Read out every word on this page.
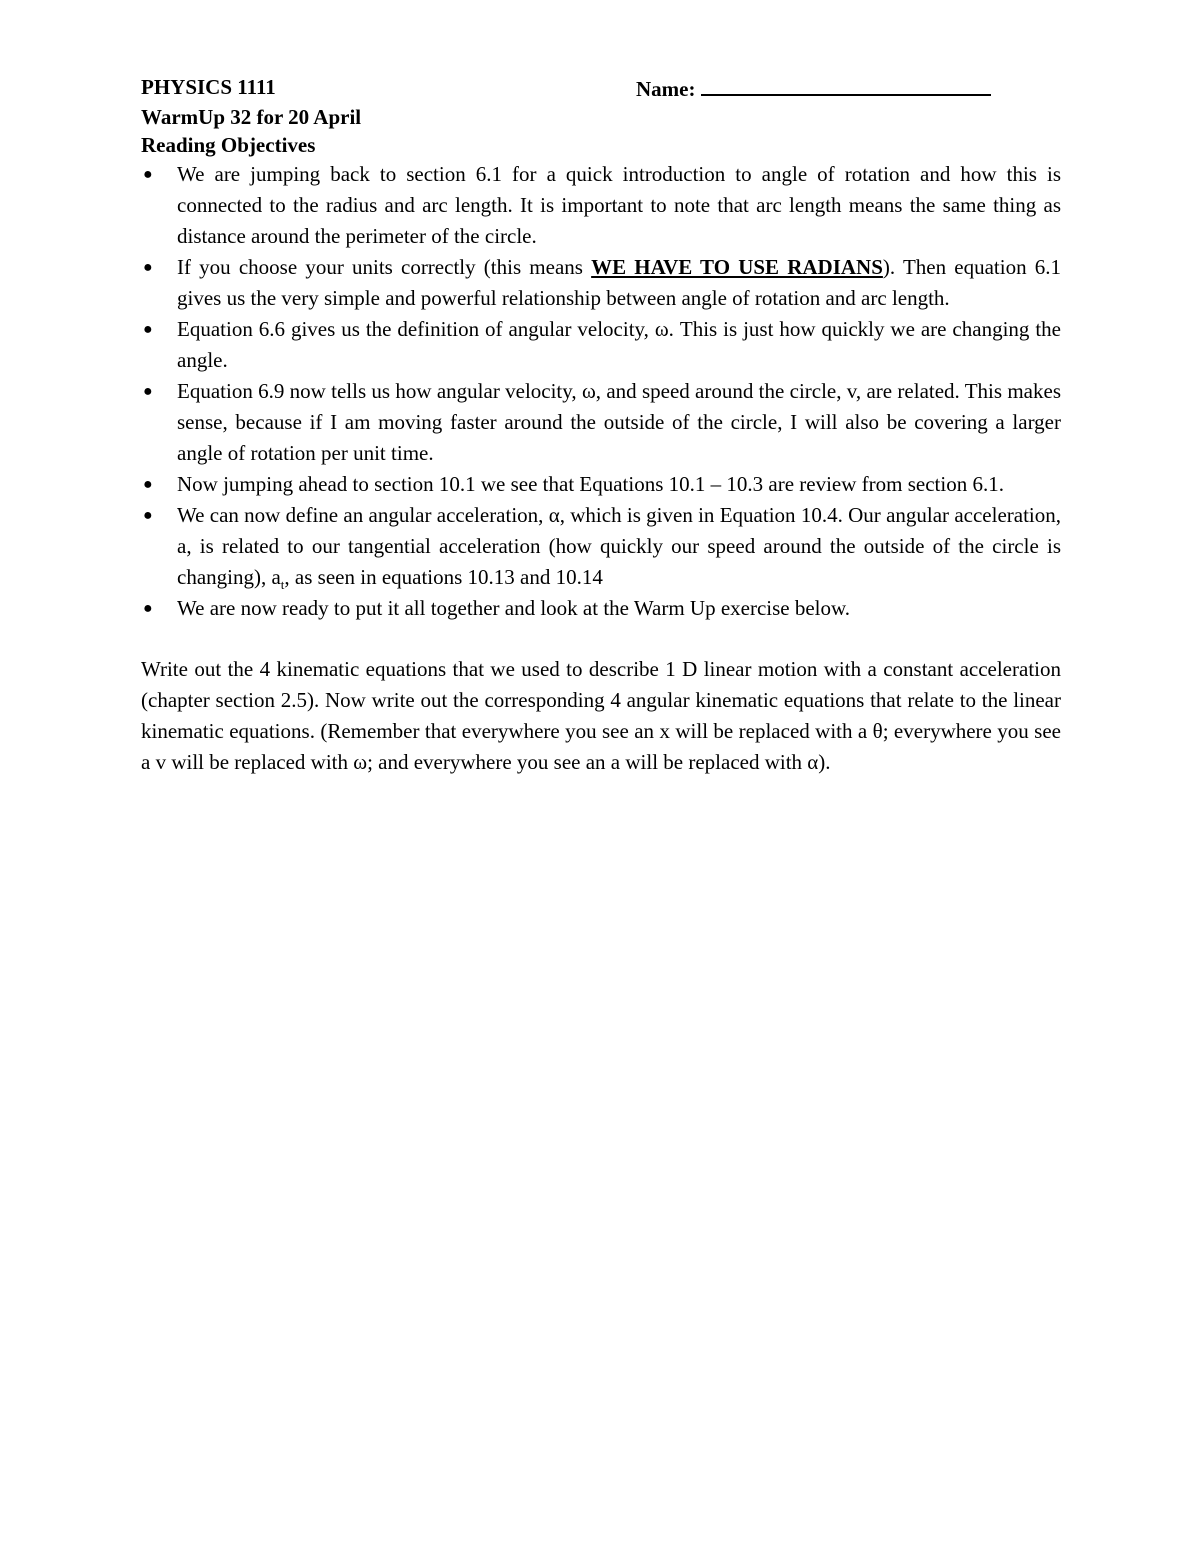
PHYSICS 1111	Name:
WarmUp 32 for 20 April
Reading Objectives
● We are jumping back to section 6.1 for a quick introduction to angle of rotation and how this is connected to the radius and arc length. It is important to note that arc length means the same thing as distance around the perimeter of the circle.
● If you choose your units correctly (this means WE HAVE TO USE RADIANS). Then equation 6.1 gives us the very simple and powerful relationship between angle of rotation and arc length.
● Equation 6.6 gives us the definition of angular velocity, ω. This is just how quickly we are changing the angle.
● Equation 6.9 now tells us how angular velocity, ω, and speed around the circle, v, are related. This makes sense, because if I am moving faster around the outside of the circle, I will also be covering a larger angle of rotation per unit time.
● Now jumping ahead to section 10.1 we see that Equations 10.1 – 10.3 are review from section 6.1.
● We can now define an angular acceleration, α, which is given in Equation 10.4. Our angular acceleration, a, is related to our tangential acceleration (how quickly our speed around the outside of the circle is changing), $a_t$, as seen in equations 10.13 and 10.14
● We are now ready to put it all together and look at the Warm Up exercise below.
Write out the 4 kinematic equations that we used to describe 1 D linear motion with a constant acceleration (chapter section 2.5). Now write out the corresponding 4 angular kinematic equations that relate to the linear kinematic equations. (Remember that everywhere you see an x will be replaced with a θ; everywhere you see a v will be replaced with ω; and everywhere you see an a will be replaced with α).
